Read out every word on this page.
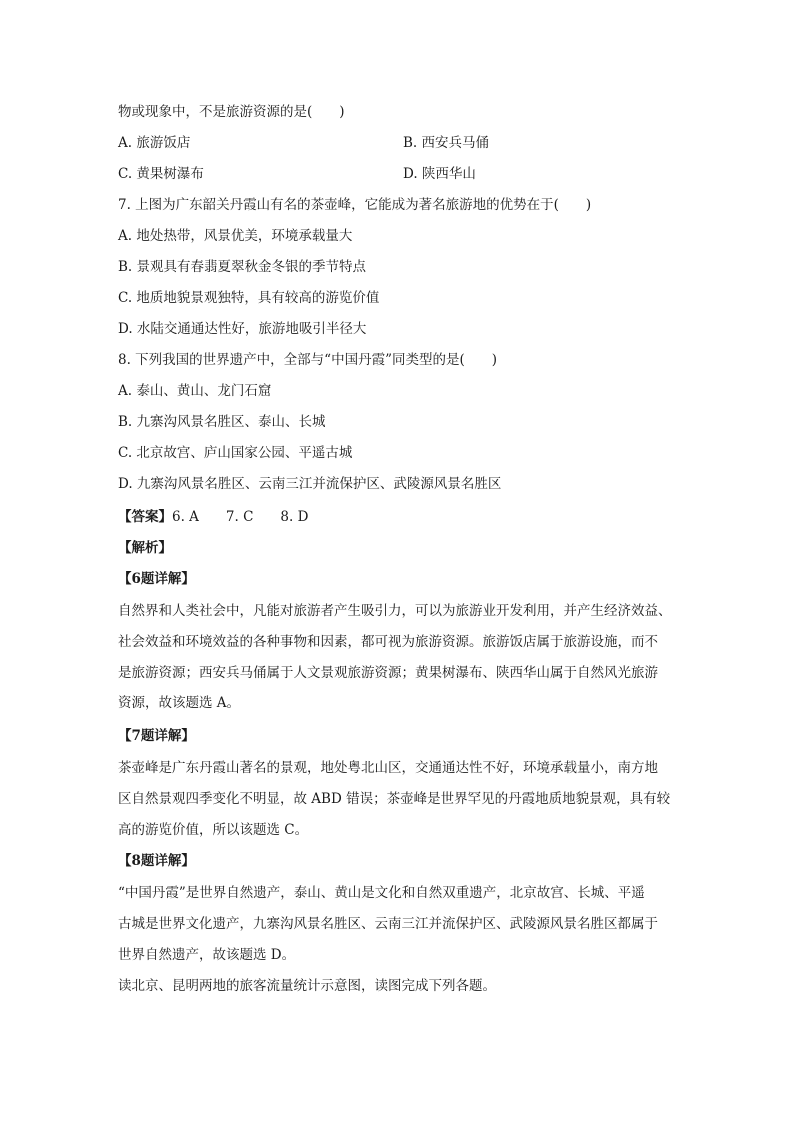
物或现象中，不是旅游资源的是(　　)
A. 旅游饭店	B. 西安兵马俑
C. 黄果树瀑布	D. 陕西华山
7. 上图为广东韶关丹霞山有名的茶壶峰，它能成为著名旅游地的优势在于(　　)
A. 地处热带，风景优美，环境承载量大
B. 景观具有春翡夏翠秋金冬银的季节特点
C. 地质地貌景观独特，具有较高的游览价值
D. 水陆交通通达性好，旅游地吸引半径大
8. 下列我国的世界遗产中，全部与“中国丹霞”同类型的是(　　)
A. 泰山、黄山、龙门石窟
B. 九寨沟风景名胜区、泰山、长城
C. 北京故宫、庐山国家公园、平遥古城
D. 九寨沟风景名胜区、云南三江并流保护区、武陵源风景名胜区
【答案】6. A　　7. C　　8. D
【解析】
【6题详解】
自然界和人类社会中，凡能对旅游者产生吸引力，可以为旅游业开发利用，并产生经济效益、
社会效益和环境效益的各种事物和因素，都可视为旅游资源。旅游饭店属于旅游设施，而不
是旅游资源；西安兵马俑属于人文景观旅游资源；黄果树瀑布、陕西华山属于自然风光旅游
资源，故该题选 A。
【7题详解】
茶壶峰是广东丹霞山著名的景观，地处粤北山区，交通通达性不好，环境承载量小，南方地
区自然景观四季变化不明显，故 ABD 错误；茶壶峰是世界罕见的丹霞地质地貌景观，具有较
高的游览价值，所以该题选 C。
【8题详解】
“中国丹霞”是世界自然遗产，泰山、黄山是文化和自然双重遗产，北京故宫、长城、平遥
古城是世界文化遗产，九寨沟风景名胜区、云南三江并流保护区、武陵源风景名胜区都属于
世界自然遗产，故该题选 D。
读北京、昆明两地的旅客流量统计示意图，读图完成下列各题。
